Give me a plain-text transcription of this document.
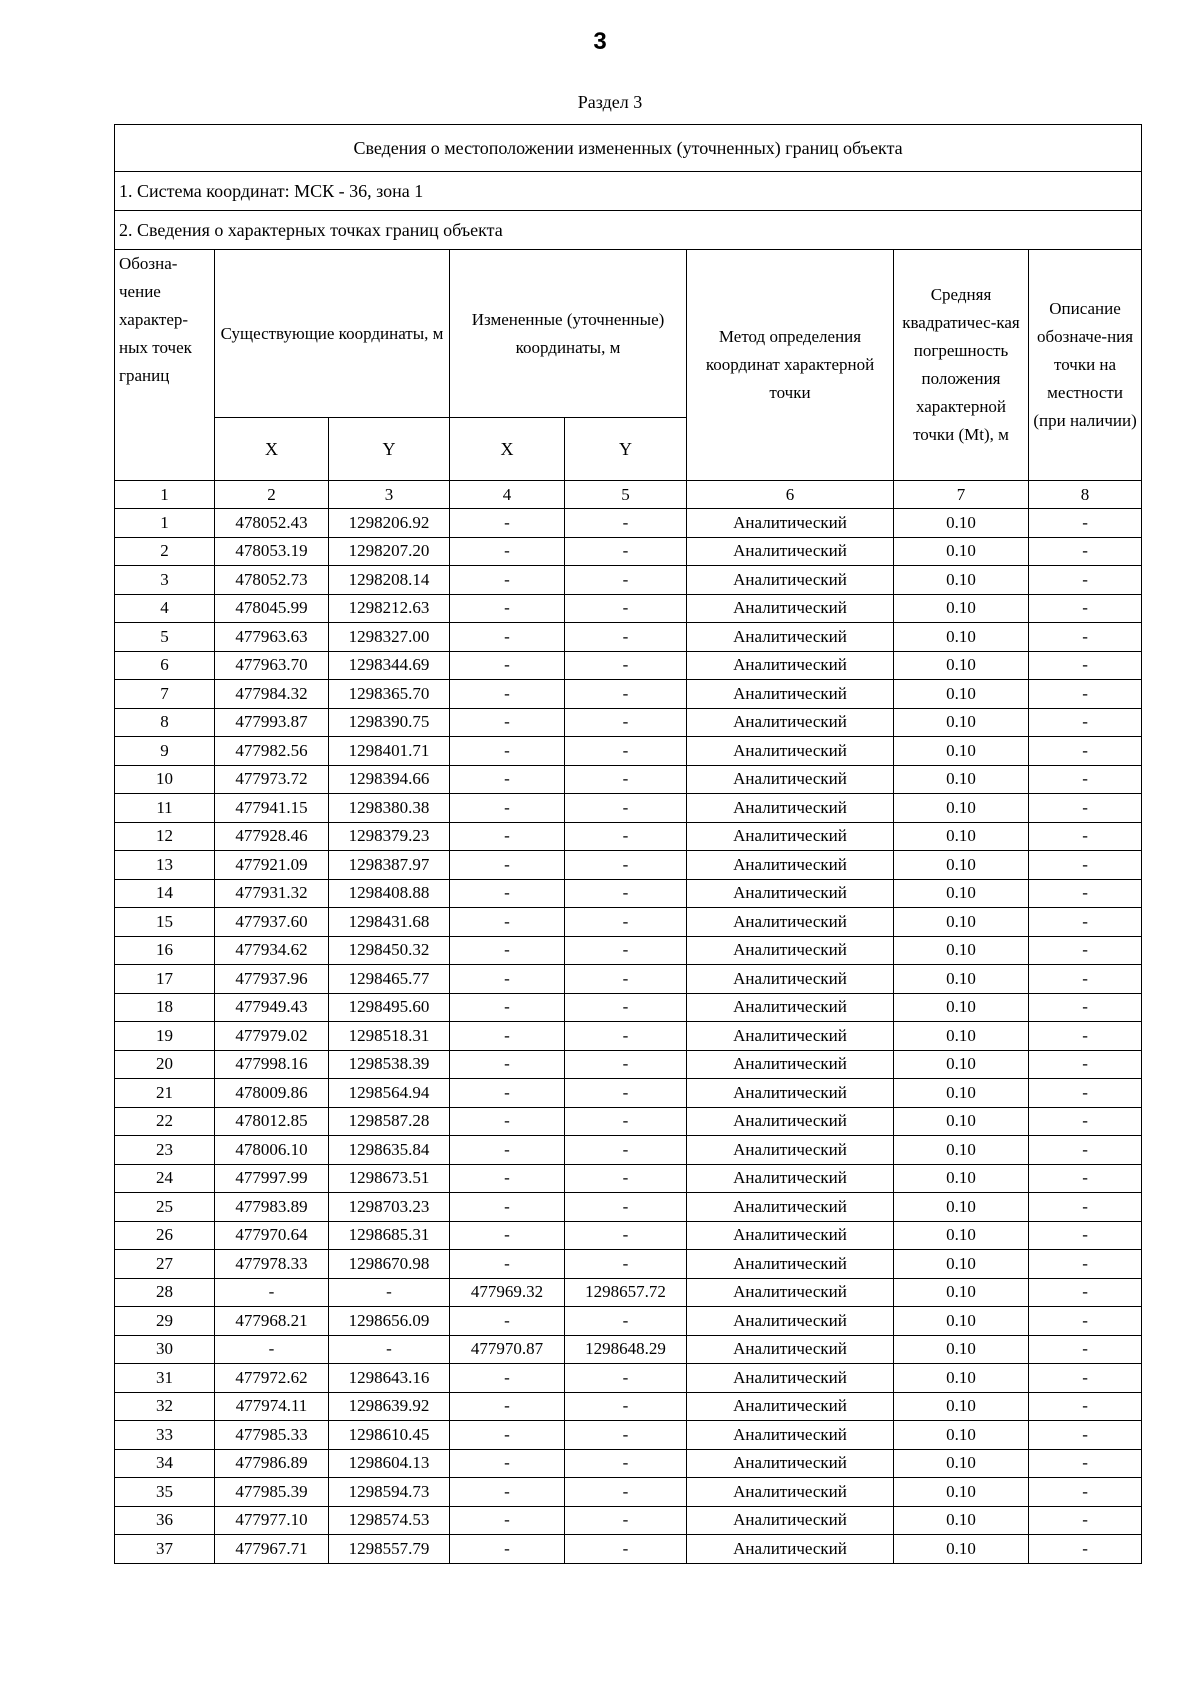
3
Раздел 3
Сведения о местоположении измененных (уточненных) границ объекта							
1. Система координат: МСК - 36, зона 1							
2. Сведения о характерных точках границ объекта							
Обозна-чение характер-ных точек границ	Существующие координаты, м		Измененные (уточненные) координаты, м		Метод определения координат характерной точки	Средняя квадратичес-кая погрешность положения характерной точки (Mt), м	Описание обозначе-ния точки на местности (при наличии)
	X	Y	X	Y			
1	2	3	4	5	6	7	8
1	478052.43	1298206.92	-	-	Аналитический	0.10	-
2	478053.19	1298207.20	-	-	Аналитический	0.10	-
3	478052.73	1298208.14	-	-	Аналитический	0.10	-
4	478045.99	1298212.63	-	-	Аналитический	0.10	-
5	477963.63	1298327.00	-	-	Аналитический	0.10	-
6	477963.70	1298344.69	-	-	Аналитический	0.10	-
7	477984.32	1298365.70	-	-	Аналитический	0.10	-
8	477993.87	1298390.75	-	-	Аналитический	0.10	-
9	477982.56	1298401.71	-	-	Аналитический	0.10	-
10	477973.72	1298394.66	-	-	Аналитический	0.10	-
11	477941.15	1298380.38	-	-	Аналитический	0.10	-
12	477928.46	1298379.23	-	-	Аналитический	0.10	-
13	477921.09	1298387.97	-	-	Аналитический	0.10	-
14	477931.32	1298408.88	-	-	Аналитический	0.10	-
15	477937.60	1298431.68	-	-	Аналитический	0.10	-
16	477934.62	1298450.32	-	-	Аналитический	0.10	-
17	477937.96	1298465.77	-	-	Аналитический	0.10	-
18	477949.43	1298495.60	-	-	Аналитический	0.10	-
19	477979.02	1298518.31	-	-	Аналитический	0.10	-
20	477998.16	1298538.39	-	-	Аналитический	0.10	-
21	478009.86	1298564.94	-	-	Аналитический	0.10	-
22	478012.85	1298587.28	-	-	Аналитический	0.10	-
23	478006.10	1298635.84	-	-	Аналитический	0.10	-
24	477997.99	1298673.51	-	-	Аналитический	0.10	-
25	477983.89	1298703.23	-	-	Аналитический	0.10	-
26	477970.64	1298685.31	-	-	Аналитический	0.10	-
27	477978.33	1298670.98	-	-	Аналитический	0.10	-
28	-	-	477969.32	1298657.72	Аналитический	0.10	-
29	477968.21	1298656.09	-	-	Аналитический	0.10	-
30	-	-	477970.87	1298648.29	Аналитический	0.10	-
31	477972.62	1298643.16	-	-	Аналитический	0.10	-
32	477974.11	1298639.92	-	-	Аналитический	0.10	-
33	477985.33	1298610.45	-	-	Аналитический	0.10	-
34	477986.89	1298604.13	-	-	Аналитический	0.10	-
35	477985.39	1298594.73	-	-	Аналитический	0.10	-
36	477977.10	1298574.53	-	-	Аналитический	0.10	-
37	477967.71	1298557.79	-	-	Аналитический	0.10	-
